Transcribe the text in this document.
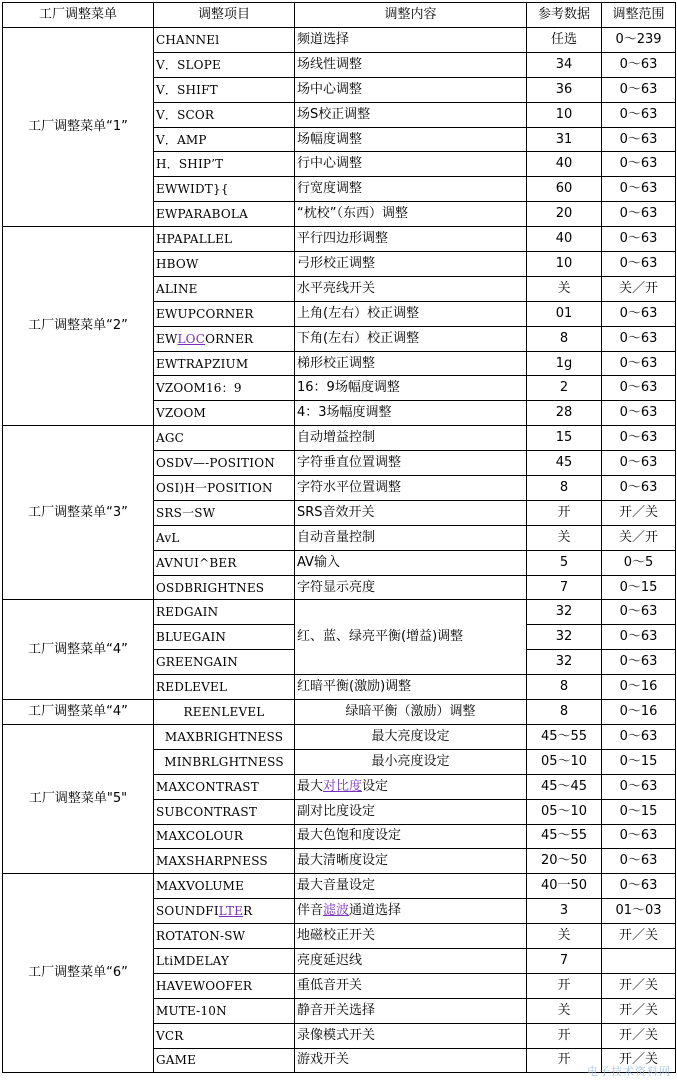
工厂调整菜单	调整项目	调整内容	参考数据	调整范围
工厂调整菜单“1”	CHANNEl	频道选择	任选	0～239
	V．SLOPE	场线性调整	34	0～63
	V．SHIFT	场中心调整	36	0～63
	V．SCOR	场S校正调整	10	0～63
	V．AMP	场幅度调整	31	0～63
	H．SHIP’T	行中心调整	40	0～63
	EWWIDT}{	行宽度调整	60	0～63
	EWPARABOLA	“枕校”（东西）调整	20	0～63
工厂调整菜单“2”	HPAPALLEL	平行四边形调整	40	0～63
	HBOW	弓形校正调整	10	0～63
	ALINE	水平亮线开关	关	关／开
	EWUPCORNER	上角(左右）校正调整	01	0～63
	EWLOCORNER	下角(左右）校正调整	8	0～63
	EWTRAPZIUM	梯形校正调整	1g	0～63
	VZOOM16：9	16：9场幅度调整	2	0～63
	VZOOM	4：3场幅度调整	28	0～63
工厂调整菜单“3”	AGC	自动增益控制	15	0～63
	OSDV—-POSITION	字符垂直位置调整	45	0～63
	OSI)H一POSITION	字符水平位置调整	8	0～63
	SRS一SW	SRS音效开关	开	开／关
	AvL	自动音量控制	关	关／开
	AVNUI^BER	AV输入	5	0～5
	OSDBRIGHTNES	字符显示亮度	7	0～15
工厂调整菜单“4”	REDGAIN	红、蓝、绿亮平衡(增益)调整	32	0～63
	BLUEGAIN		32	0～63
	GREENGAIN		32	0～63
	REDLEVEL	红暗平衡(激励)调整	8	0～16
工厂调整菜单“4”	REENLEVEL	绿暗平衡（激励）调整	8	0～16
工厂调整菜单"5"	MAXBRIGHTNESS	最大亮度设定	45～55	0～63
	MINBRLGHTNESS	最小亮度设定	05～10	0～15
	MAXCONTRAST	最大对比度设定	45～45	0～63
	SUBCONTRAST	副对比度设定	05～10	0～15
	MAXCOLOUR	最大色饱和度设定	45～55	0～63
	MAXSHARPNESS	最大清晰度设定	20～50	0～63
工厂调整菜单“6”	MAXVOLUME	最大音量设定	40一50	0～63
	SOUNDFILTER	伴音滤波通道选择	3	01～03
	ROTATON-SW	地磁校正开关	关	开／关
	LtiMDELAY	亮度延迟线	7	
	HAVEWOOFER	重低音开关	开	开／关
	MUTE-10N	静音开关选择	关	开／关
	VCR	录像模式开关	开	开／关
	GAME	游戏开关	开	开／关
电子技术资料网
